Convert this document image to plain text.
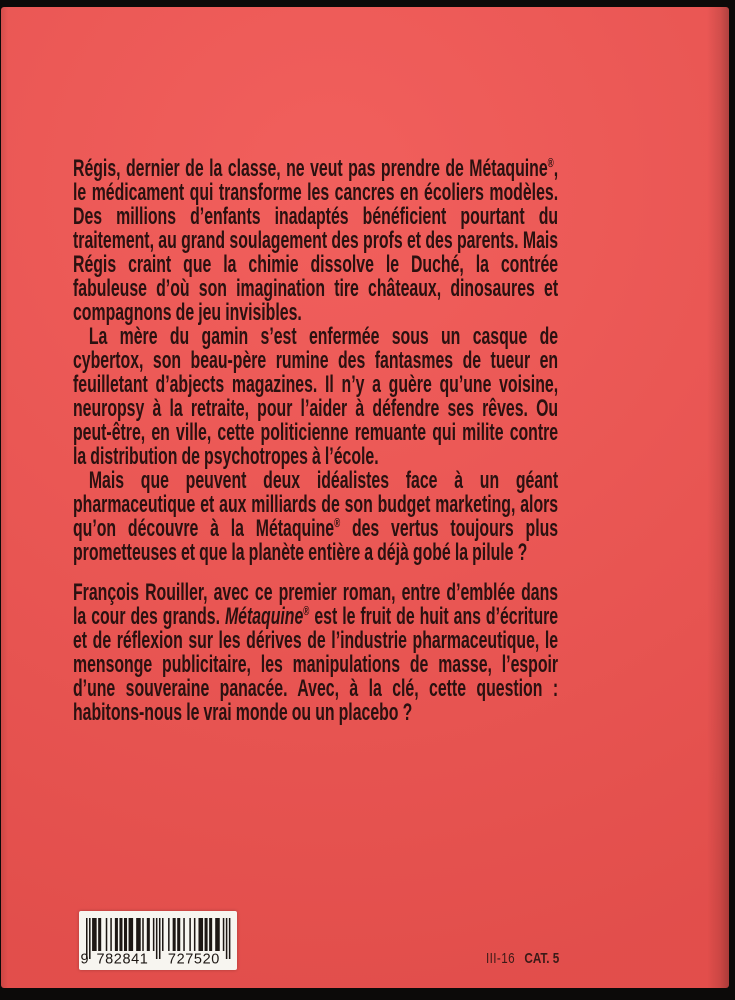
Régis, dernier de la classe, ne veut pas prendre de Métaquine®, le médicament qui transforme les cancres en écoliers modèles. Des millions d’enfants inadaptés bénéficient pourtant du traitement, au grand soulagement des profs et des parents. Mais Régis craint que la chimie dissolve le Duché, la contrée fabuleuse d’où son imagination tire châteaux, dinosaures et compagnons de jeu invisibles.

La mère du gamin s’est enfermée sous un casque de cybertox, son beau-père rumine des fantasmes de tueur en feuilletant d’abjects magazines. Il n’y a guère qu’une voisine, neuropsy à la retraite, pour l’aider à défendre ses rêves. Ou peut-être, en ville, cette politicienne remuante qui milite contre la distribution de psychotropes à l’école.

Mais que peuvent deux idéalistes face à un géant pharmaceutique et aux milliards de son budget marketing, alors qu’on découvre à la Métaquine® des vertus toujours plus prometteuses et que la planète entière a déjà gobé la pilule ?

François Rouiller, avec ce premier roman, entre d’emblée dans la cour des grands. Métaquine® est le fruit de huit ans d’écriture et de réflexion sur les dérives de l’industrie pharmaceutique, le mensonge publicitaire, les manipulations de masse, l’espoir d’une souveraine panacée. Avec, à la clé, cette question : habitons-nous le vrai monde ou un placebo ?

9 782841 727520	III-16 CAT. 5
